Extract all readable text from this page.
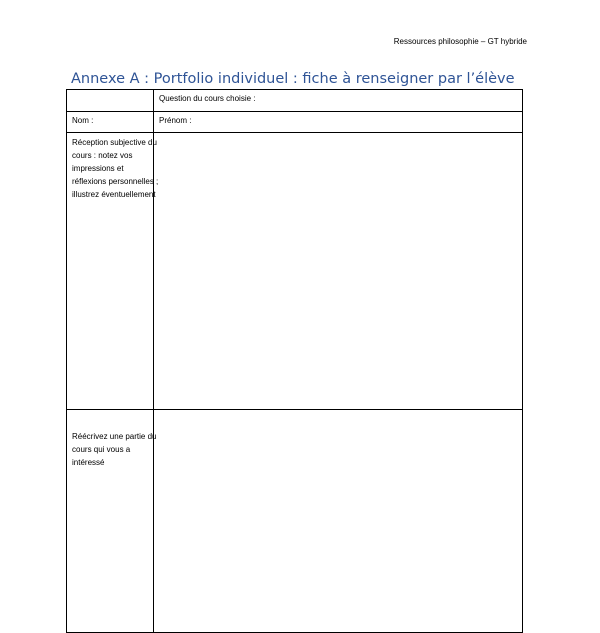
Ressources philosophie – GT hybride
Annexe A : Portfolio individuel : fiche à renseigner par l’élève
	Question du cours choisie :
Nom :	Prénom :

Réception subjective du cours : notez vos impressions et réflexions personnelles ; illustrez éventuellement	

Réécrivez une partie du cours qui vous a intéressé	
